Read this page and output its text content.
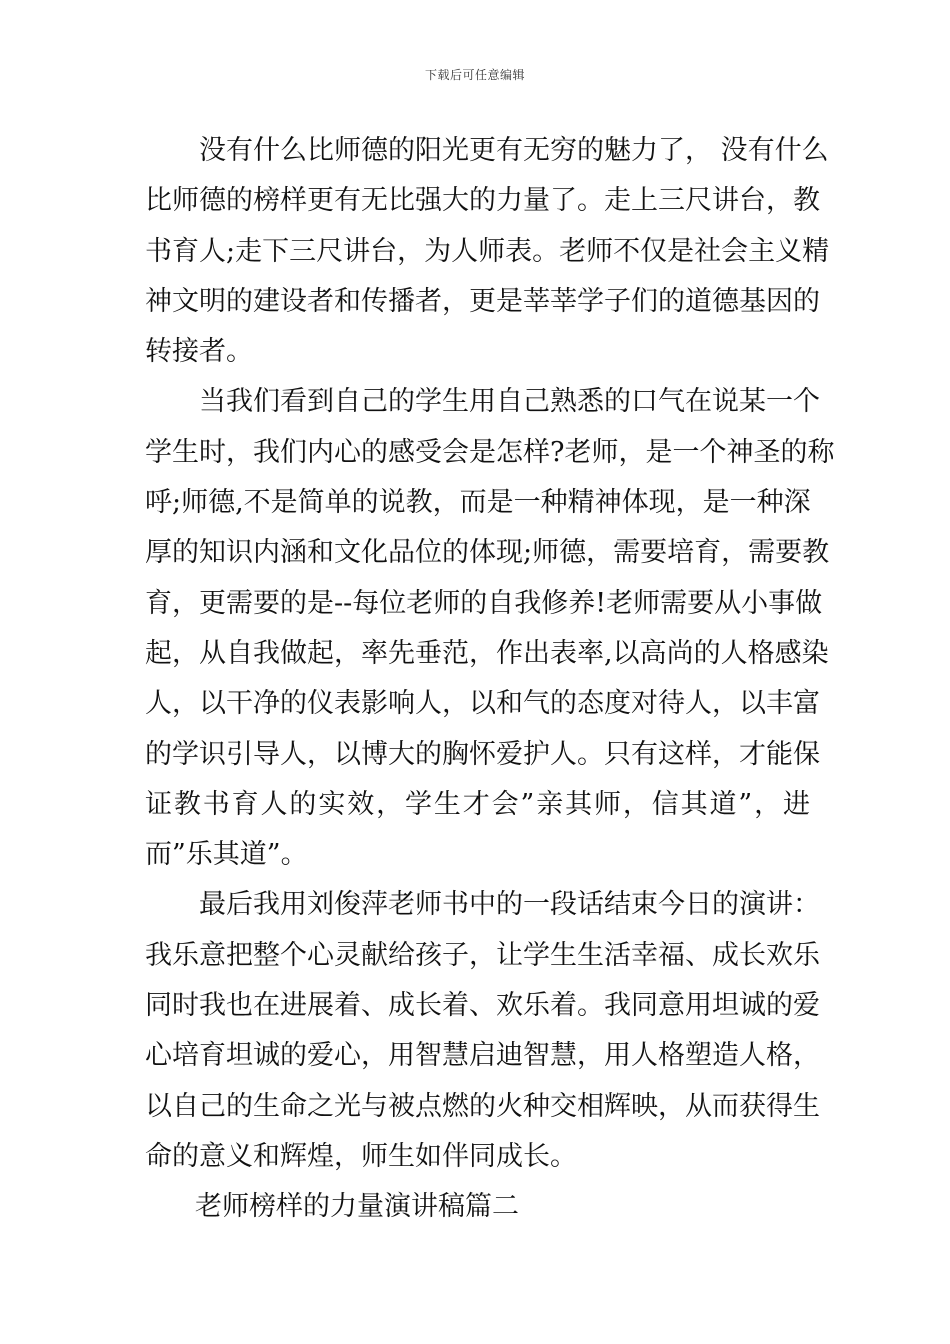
下载后可任意编辑
没有什么比师德的阳光更有无穷的魅力了， 没有什么
比师德的榜样更有无比强大的力量了。走上三尺讲台，教
书育人;走下三尺讲台，为人师表。老师不仅是社会主义精
神文明的建设者和传播者，更是莘莘学子们的道德基因的
转接者。
当我们看到自己的学生用自己熟悉的口气在说某一个
学生时，我们内心的感受会是怎样?老师，是一个神圣的称
呼;师德,不是简单的说教，而是一种精神体现，是一种深
厚的知识内涵和文化品位的体现;师德，需要培育，需要教
育，更需要的是--每位老师的自我修养!老师需要从小事做
起，从自我做起，率先垂范，作出表率,以高尚的人格感染
人，以干净的仪表影响人，以和气的态度对待人，以丰富
的学识引导人，以博大的胸怀爱护人。只有这样，才能保
证教书育人的实效，学生才会”亲其师，信其道”，进
而”乐其道”。
最后我用刘俊萍老师书中的一段话结束今日的演讲：
我乐意把整个心灵献给孩子，让学生生活幸福、成长欢乐
同时我也在进展着、成长着、欢乐着。我同意用坦诚的爱
心培育坦诚的爱心，用智慧启迪智慧，用人格塑造人格，
以自己的生命之光与被点燃的火种交相辉映，从而获得生
命的意义和辉煌，师生如伴同成长。
老师榜样的力量演讲稿篇二
